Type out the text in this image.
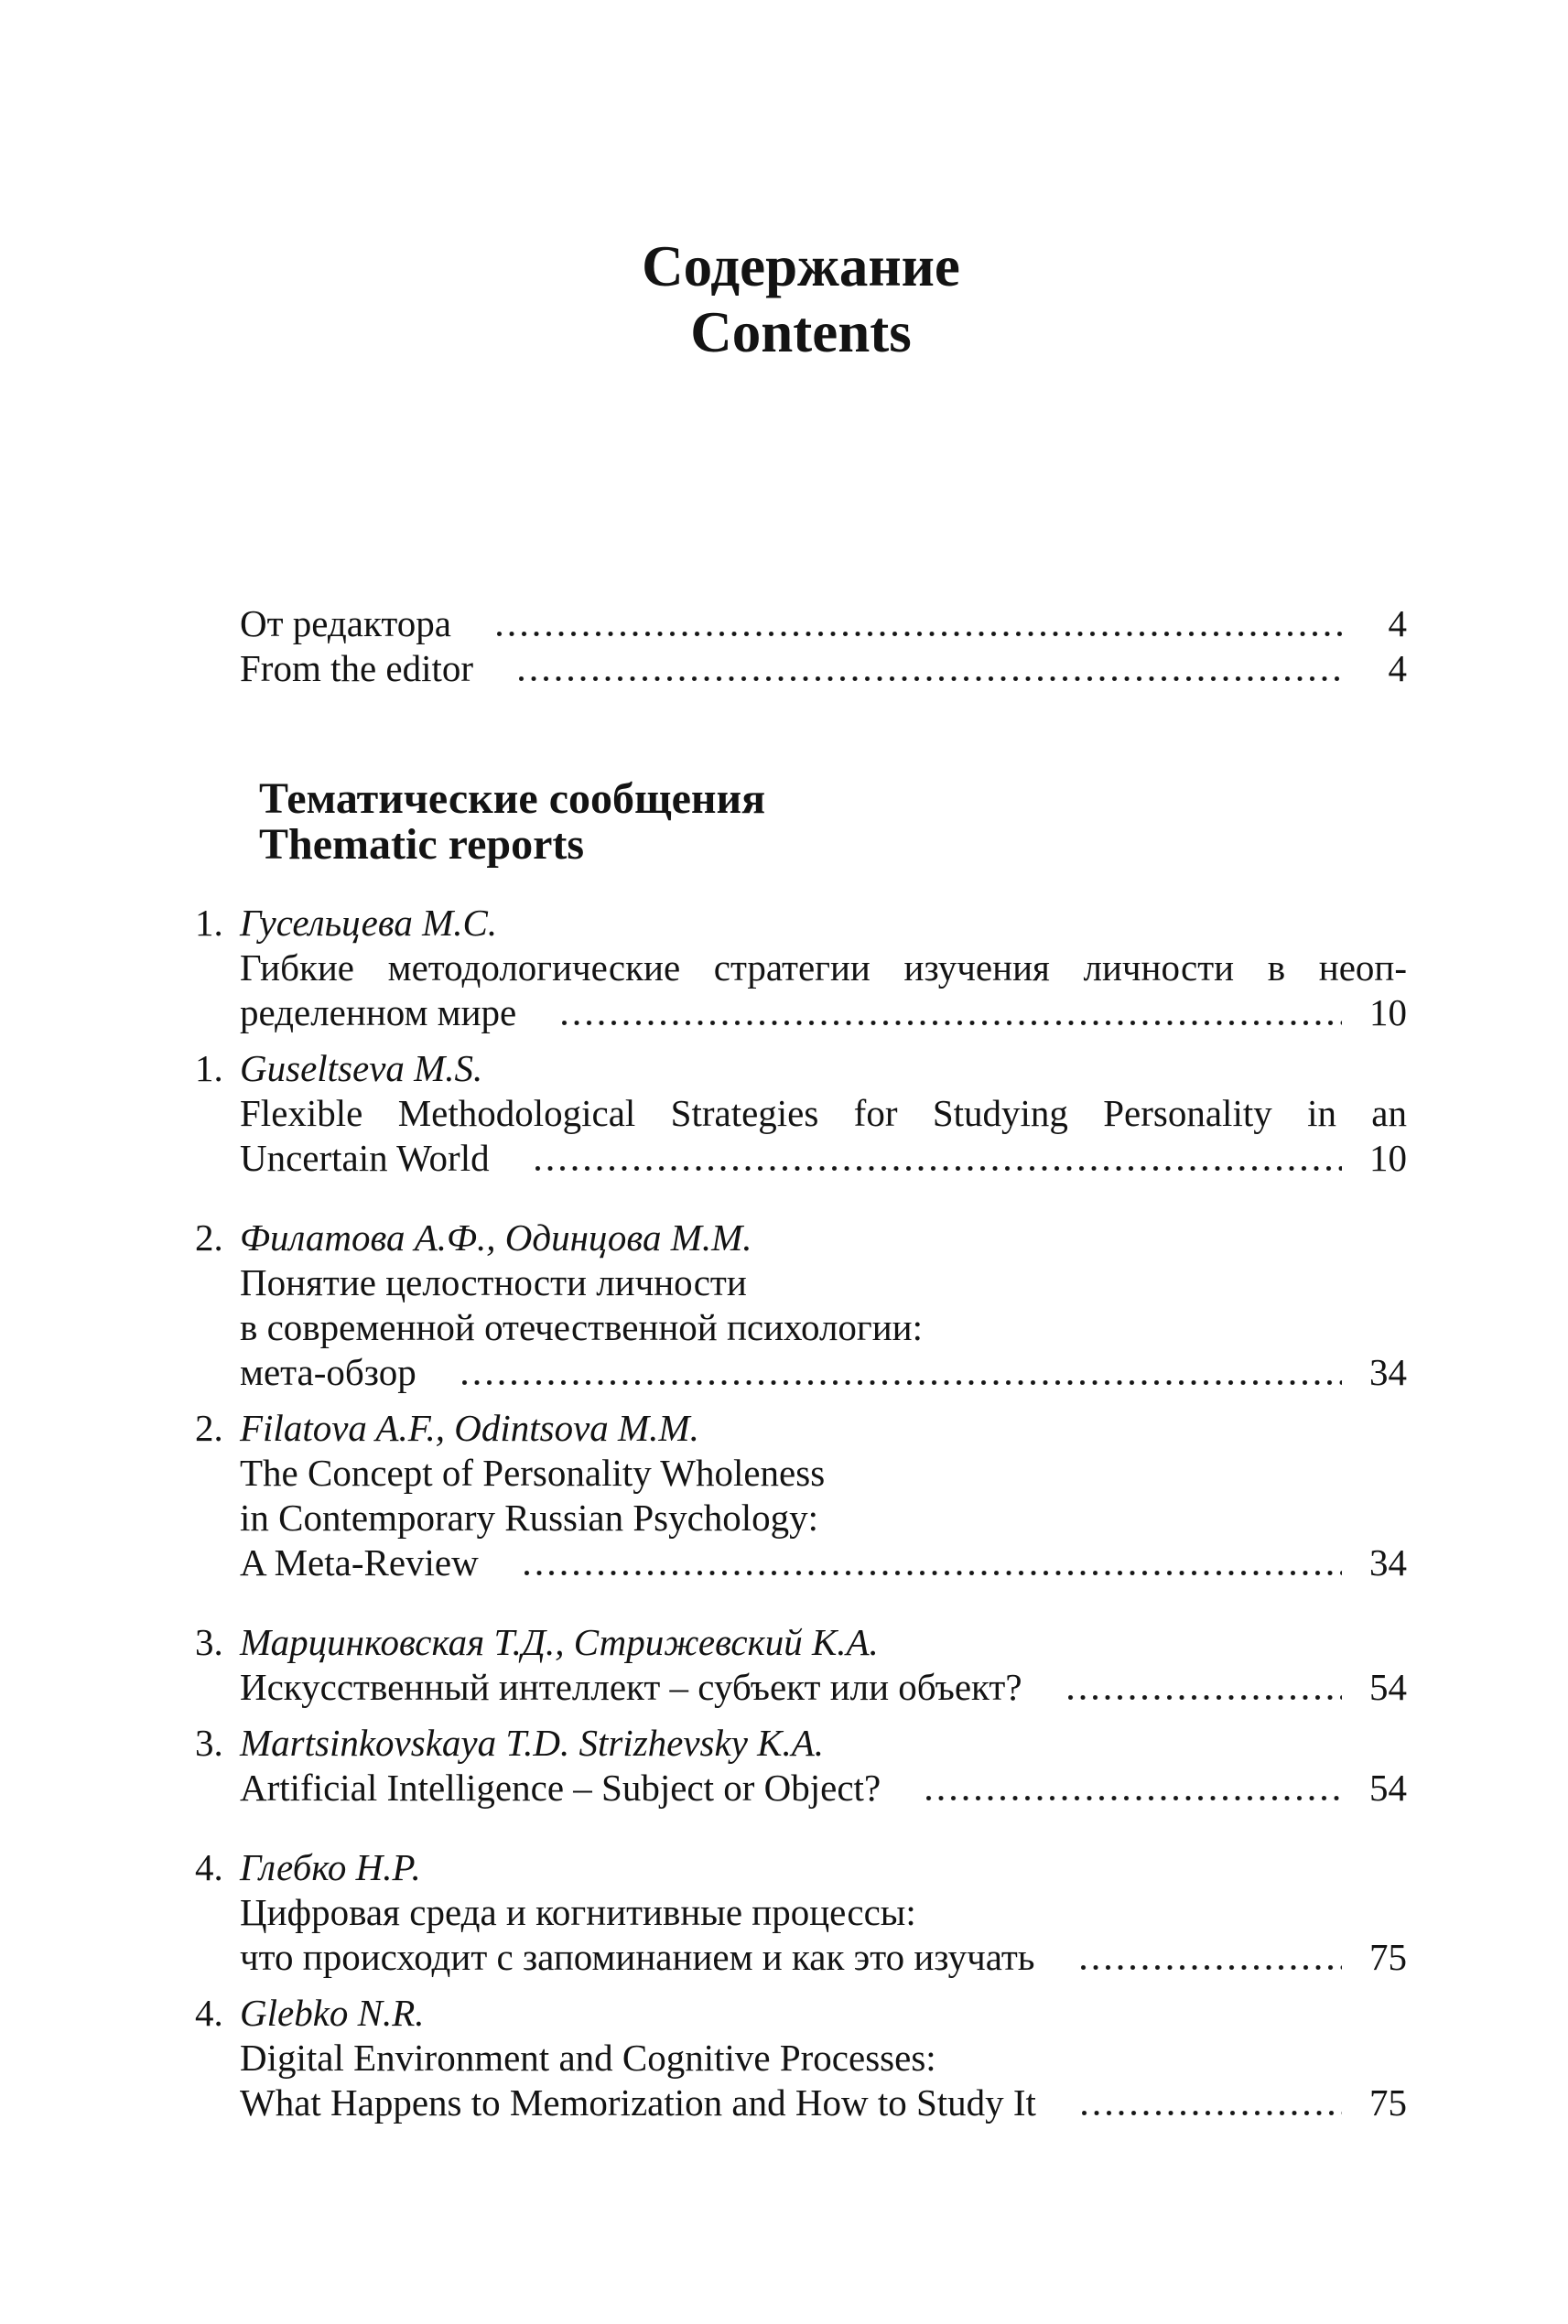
Содержание
Contents
От редактора	4
From the editor	4
Тематические сообщения
Thematic reports
1. Гусельцева М.С.
Гибкие методологические стратегии изучения личности в неоп-
ределенном мире	10
1. Guseltseva M.S.
Flexible Methodological Strategies for Studying Personality in an
Uncertain World	10
2. Филатова А.Ф., Одинцова М.М.
Понятие целостности личности
в современной отечественной психологии:
мета-обзор	34
2. Filatova A.F., Odintsova M.M.
The Concept of Personality Wholeness
in Contemporary Russian Psychology:
A Meta-Review	34
3. Марцинковская Т.Д., Стрижевский К.А.
Искусственный интеллект – субъект или объект?	54
3. Martsinkovskaya T.D. Strizhevsky K.A.
Artificial Intelligence – Subject or Object?	54
4. Глебко Н.Р.
Цифровая среда и когнитивные процессы:
что происходит с запоминанием и как это изучать	75
4. Glebko N.R.
Digital Environment and Cognitive Processes:
What Happens to Memorization and How to Study It	75
